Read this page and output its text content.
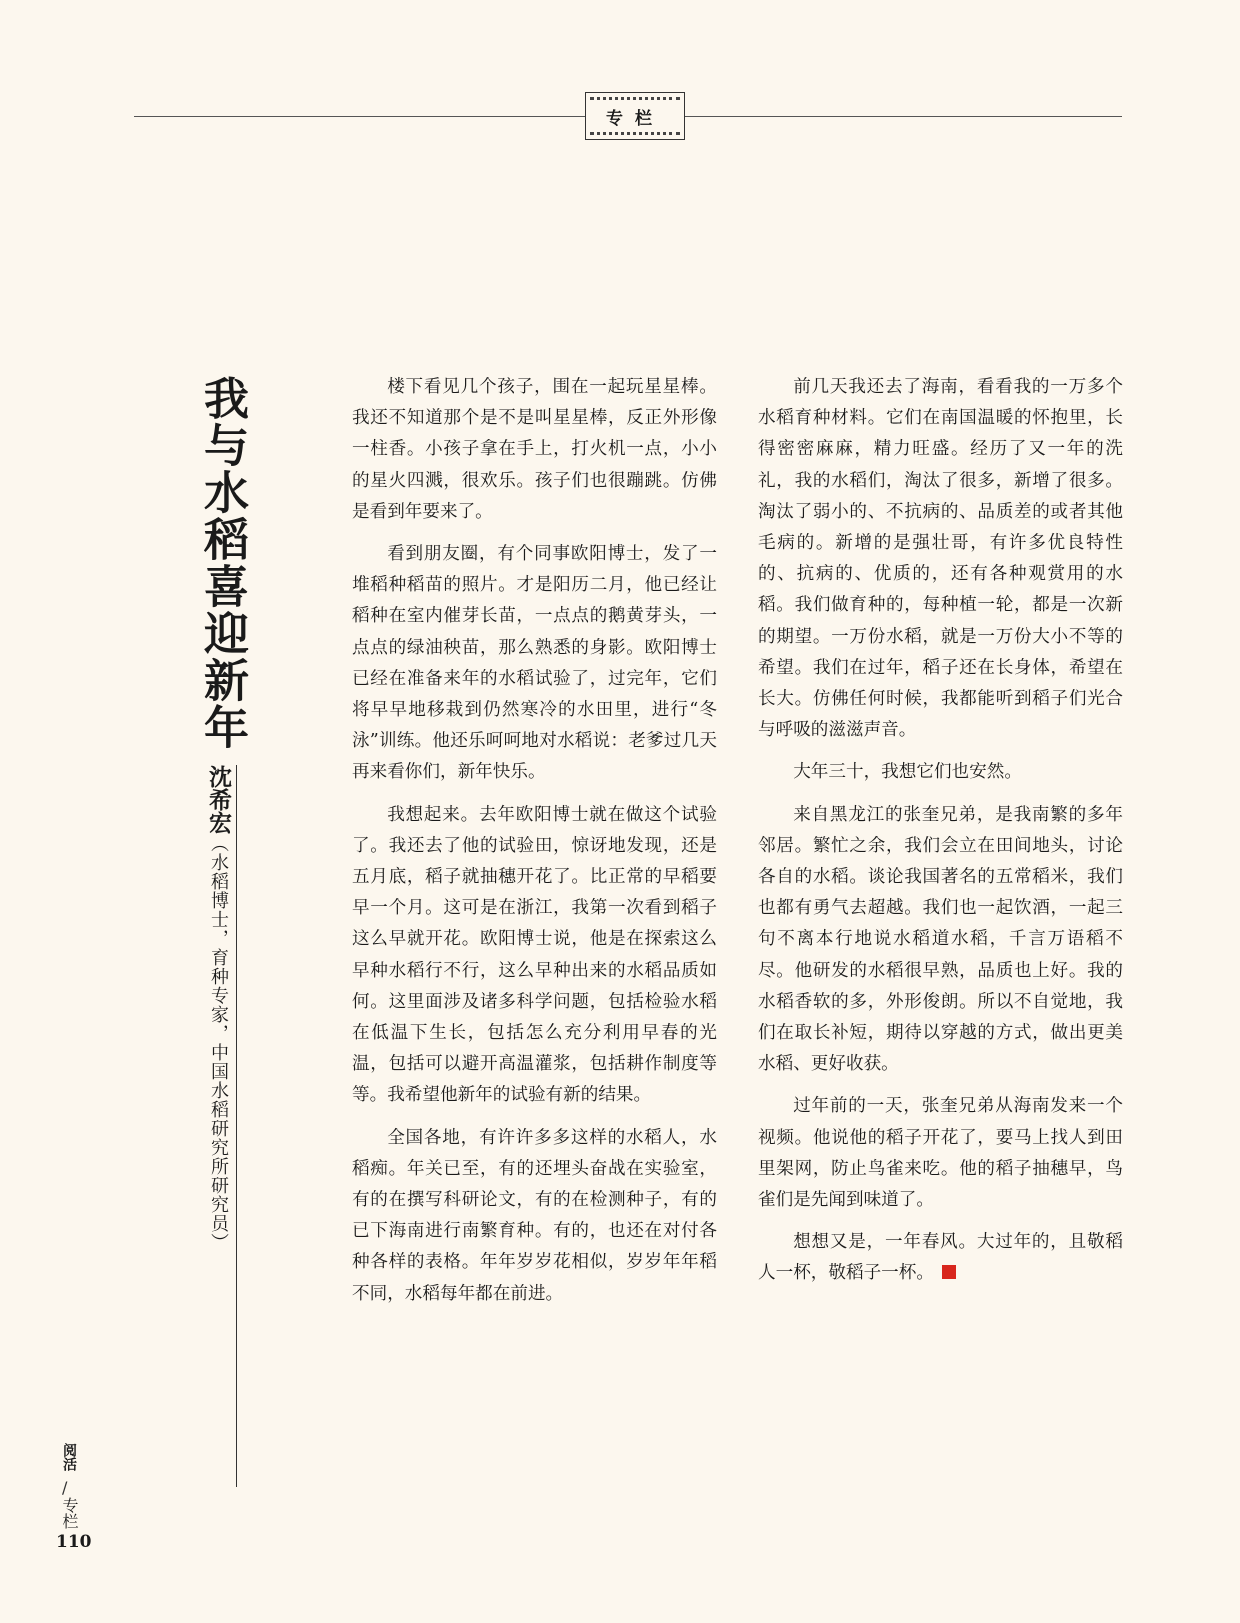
专栏
我与水稻喜迎新年
沈希宏（水稻博士，育种专家，中国水稻研究所研究员）

楼下看见几个孩子，围在一起玩星星棒。我还不知道那个是不是叫星星棒，反正外形像一柱香。小孩子拿在手上，打火机一点，小小的星火四溅，很欢乐。孩子们也很蹦跳。仿佛是看到年要来了。

看到朋友圈，有个同事欧阳博士，发了一堆稻种稻苗的照片。才是阳历二月，他已经让稻种在室内催芽长苗，一点点的鹅黄芽头，一点点的绿油秧苗，那么熟悉的身影。欧阳博士已经在准备来年的水稻试验了，过完年，它们将早早地移栽到仍然寒冷的水田里，进行“冬泳”训练。他还乐呵呵地对水稻说：老爹过几天再来看你们，新年快乐。

我想起来。去年欧阳博士就在做这个试验了。我还去了他的试验田，惊讶地发现，还是五月底，稻子就抽穗开花了。比正常的早稻要早一个月。这可是在浙江，我第一次看到稻子这么早就开花。欧阳博士说，他是在探索这么早种水稻行不行，这么早种出来的水稻品质如何。这里面涉及诸多科学问题，包括检验水稻在低温下生长，包括怎么充分利用早春的光温，包括可以避开高温灌浆，包括耕作制度等等。我希望他新年的试验有新的结果。

全国各地，有许许多多这样的水稻人，水稻痴。年关已至，有的还埋头奋战在实验室，有的在撰写科研论文，有的在检测种子，有的已下海南进行南繁育种。有的，也还在对付各种各样的表格。年年岁岁花相似，岁岁年年稻不同，水稻每年都在前进。

前几天我还去了海南，看看我的一万多个水稻育种材料。它们在南国温暖的怀抱里，长得密密麻麻，精力旺盛。经历了又一年的洗礼，我的水稻们，淘汰了很多，新增了很多。淘汰了弱小的、不抗病的、品质差的或者其他毛病的。新增的是强壮哥，有许多优良特性的、抗病的、优质的，还有各种观赏用的水稻。我们做育种的，每种植一轮，都是一次新的期望。一万份水稻，就是一万份大小不等的希望。我们在过年，稻子还在长身体，希望在长大。仿佛任何时候，我都能听到稻子们光合与呼吸的滋滋声音。

大年三十，我想它们也安然。

来自黑龙江的张奎兄弟，是我南繁的多年邻居。繁忙之余，我们会立在田间地头，讨论各自的水稻。谈论我国著名的五常稻米，我们也都有勇气去超越。我们也一起饮酒，一起三句不离本行地说水稻道水稻，千言万语稻不尽。他研发的水稻很早熟，品质也上好。我的水稻香软的多，外形俊朗。所以不自觉地，我们在取长补短，期待以穿越的方式，做出更美水稻、更好收获。

过年前的一天，张奎兄弟从海南发来一个视频。他说他的稻子开花了，要马上找人到田里架网，防止鸟雀来吃。他的稻子抽穗早，鸟雀们是先闻到味道了。

想想又是，一年春风。大过年的，且敬稻人一杯，敬稻子一杯。

阅活
/
专栏
110
